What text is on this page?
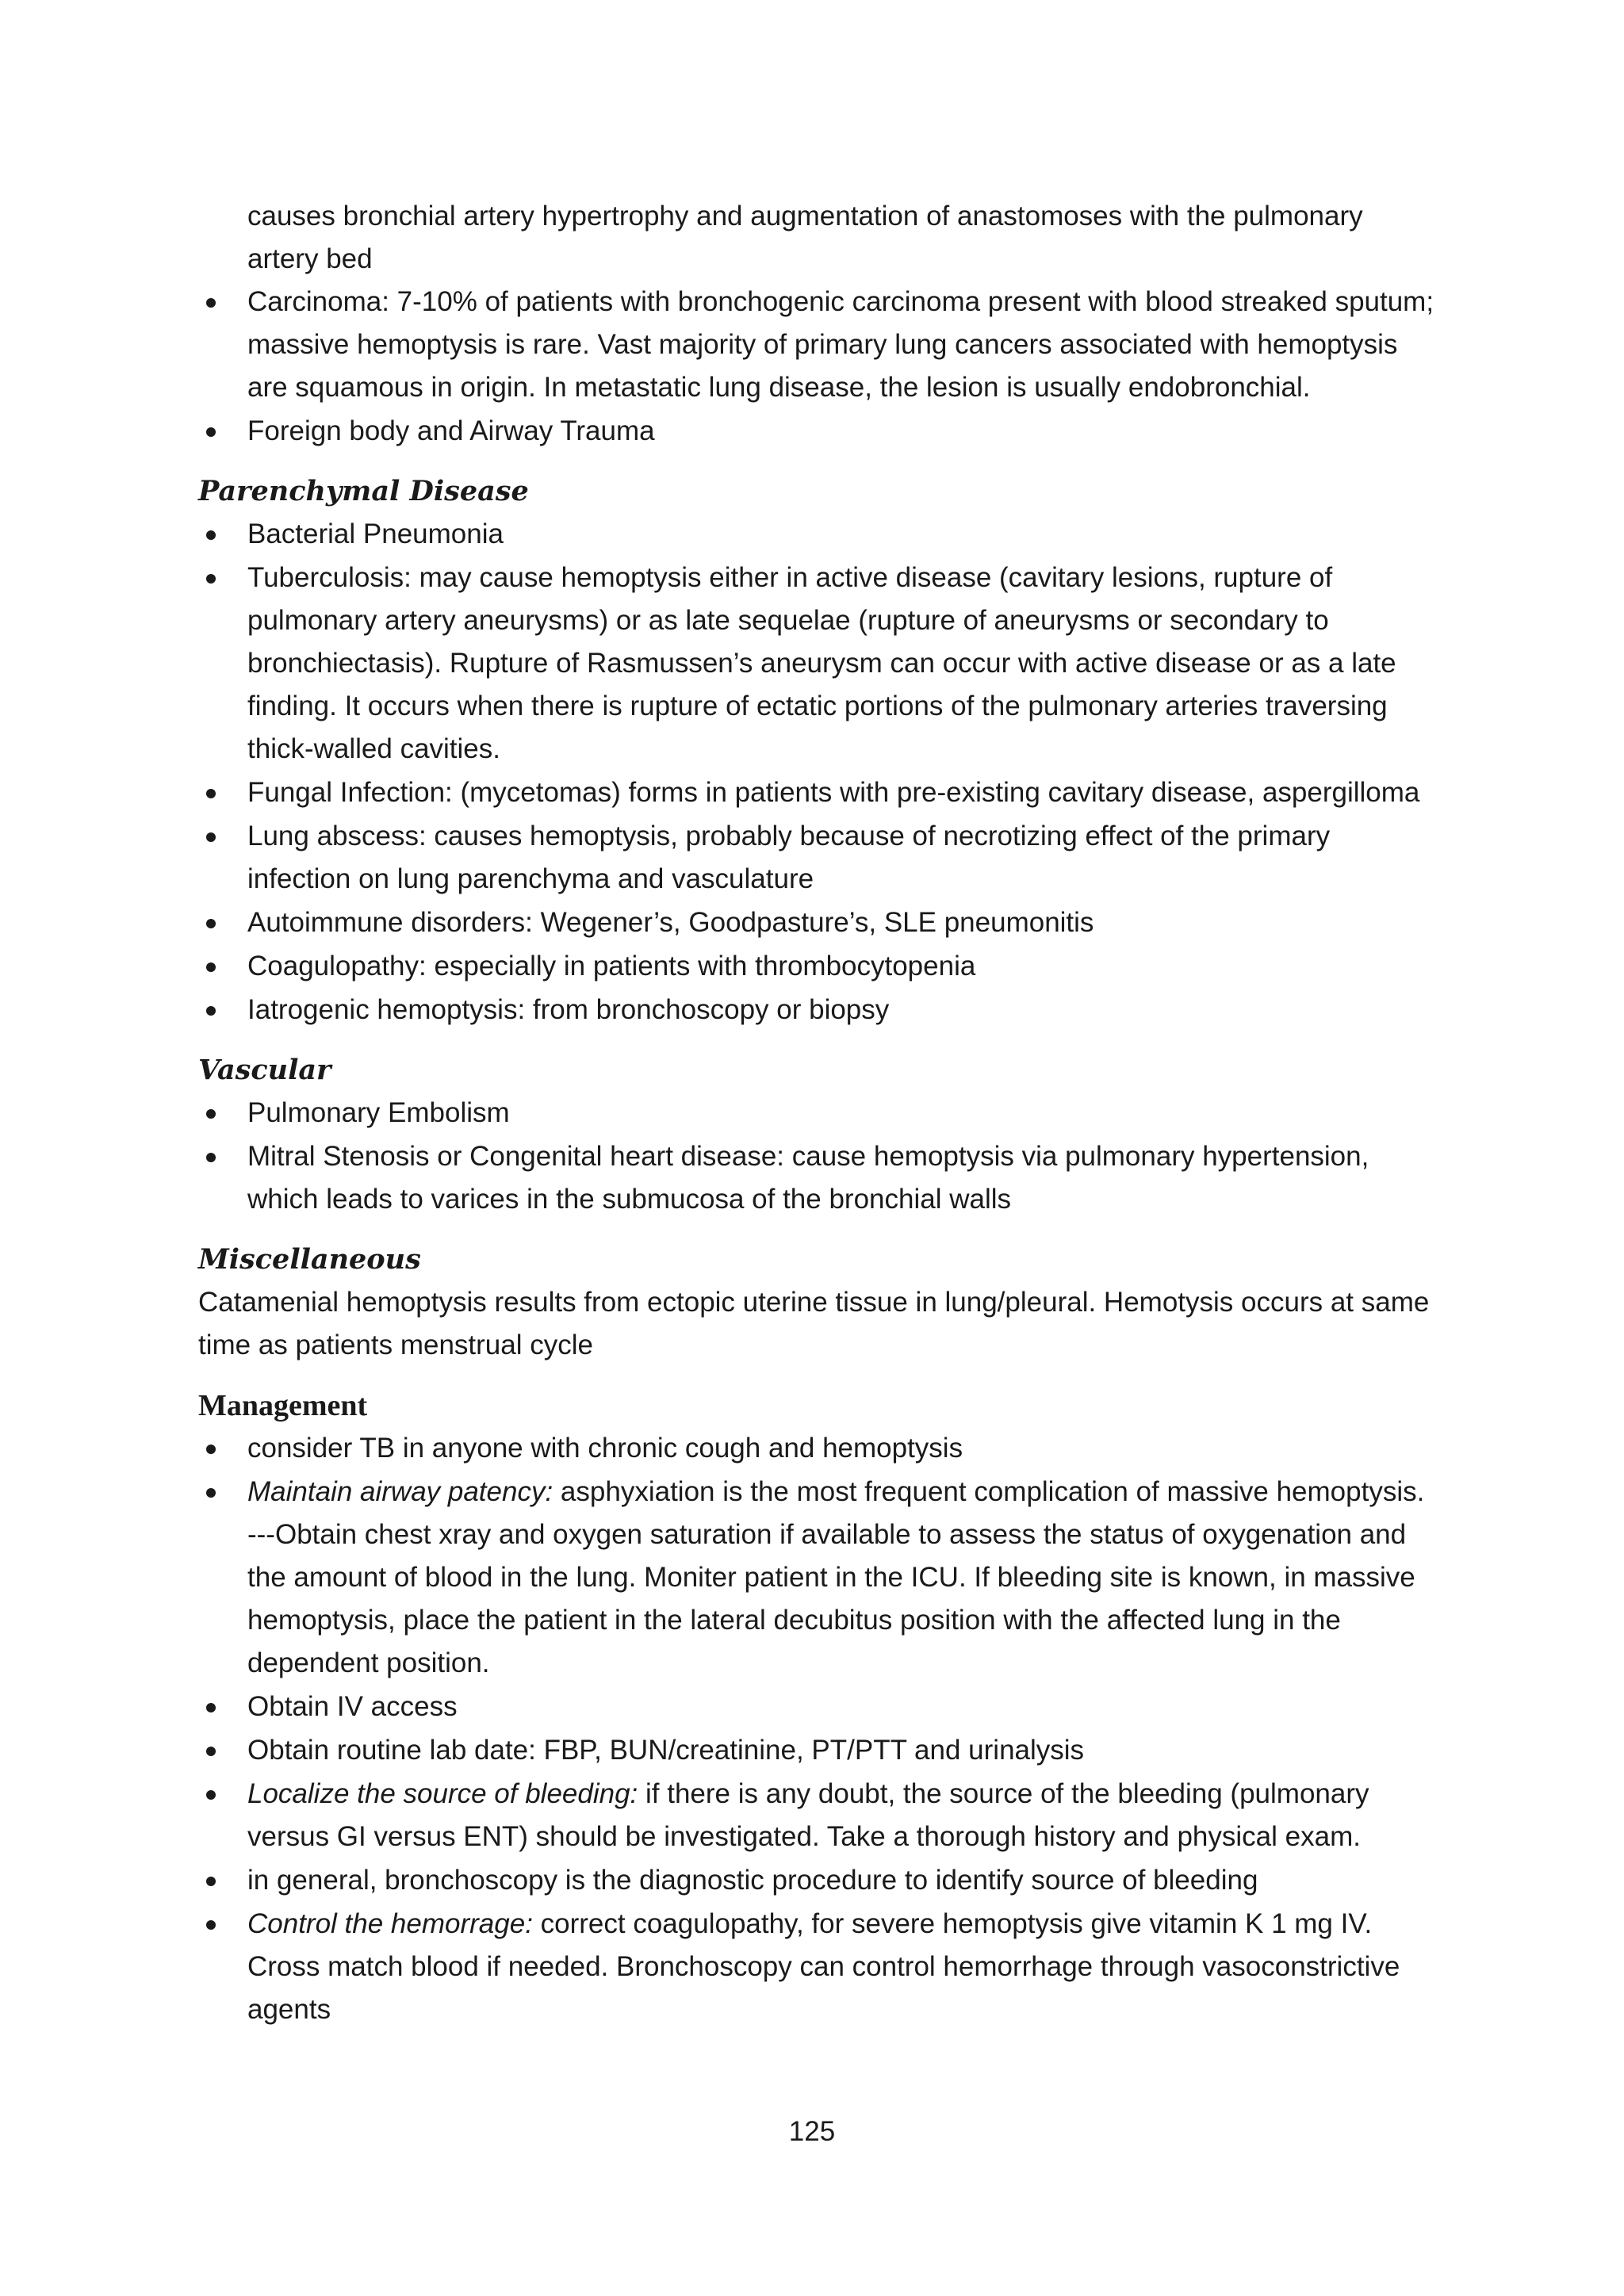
causes bronchial artery hypertrophy and augmentation of anastomoses with the pulmonary artery bed

Carcinoma: 7-10% of patients with bronchogenic carcinoma present with blood streaked sputum; massive hemoptysis is rare. Vast majority of primary lung cancers associated with hemoptysis are squamous in origin. In metastatic lung disease, the lesion is usually endobronchial.
Foreign body and Airway Trauma
Parenchymal Disease
Bacterial Pneumonia
Tuberculosis: may cause hemoptysis either in active disease (cavitary lesions, rupture of pulmonary artery aneurysms) or as late sequelae (rupture of aneurysms or secondary to bronchiectasis). Rupture of Rasmussen’s aneurysm can occur with active disease or as a late finding. It occurs when there is rupture of ectatic portions of the pulmonary arteries traversing thick-walled cavities.
Fungal Infection: (mycetomas) forms in patients with pre-existing cavitary disease, aspergilloma
Lung abscess: causes hemoptysis, probably because of necrotizing effect of the primary infection on lung parenchyma and vasculature
Autoimmune disorders: Wegener’s, Goodpasture’s, SLE pneumonitis
Coagulopathy: especially in patients with thrombocytopenia
Iatrogenic hemoptysis: from bronchoscopy or biopsy
Vascular
Pulmonary Embolism
Mitral Stenosis or Congenital heart disease: cause hemoptysis via pulmonary hypertension, which leads to varices in the submucosa of the bronchial walls
Miscellaneous

Catamenial hemoptysis results from ectopic uterine tissue in lung/pleural. Hemotysis occurs at same time as patients menstrual cycle

Management
consider TB in anyone with chronic cough and hemoptysis
Maintain airway patency: asphyxiation is the most frequent complication of massive hemoptysis. ---Obtain chest xray and oxygen saturation if available to assess the status of oxygenation and the amount of blood in the lung. Moniter patient in the ICU. If bleeding site is known, in massive hemoptysis, place the patient in the lateral decubitus position with the affected lung in the dependent position.
Obtain IV access
Obtain routine lab date: FBP, BUN/creatinine, PT/PTT and urinalysis
Localize the source of bleeding: if there is any doubt, the source of the bleeding (pulmonary versus GI versus ENT) should be investigated. Take a thorough history and physical exam.
in general, bronchoscopy is the diagnostic procedure to identify source of bleeding
Control the hemorrage: correct coagulopathy, for severe hemoptysis give vitamin K 1 mg IV. Cross match blood if needed. Bronchoscopy can control hemorrhage through vasoconstrictive agents
125
